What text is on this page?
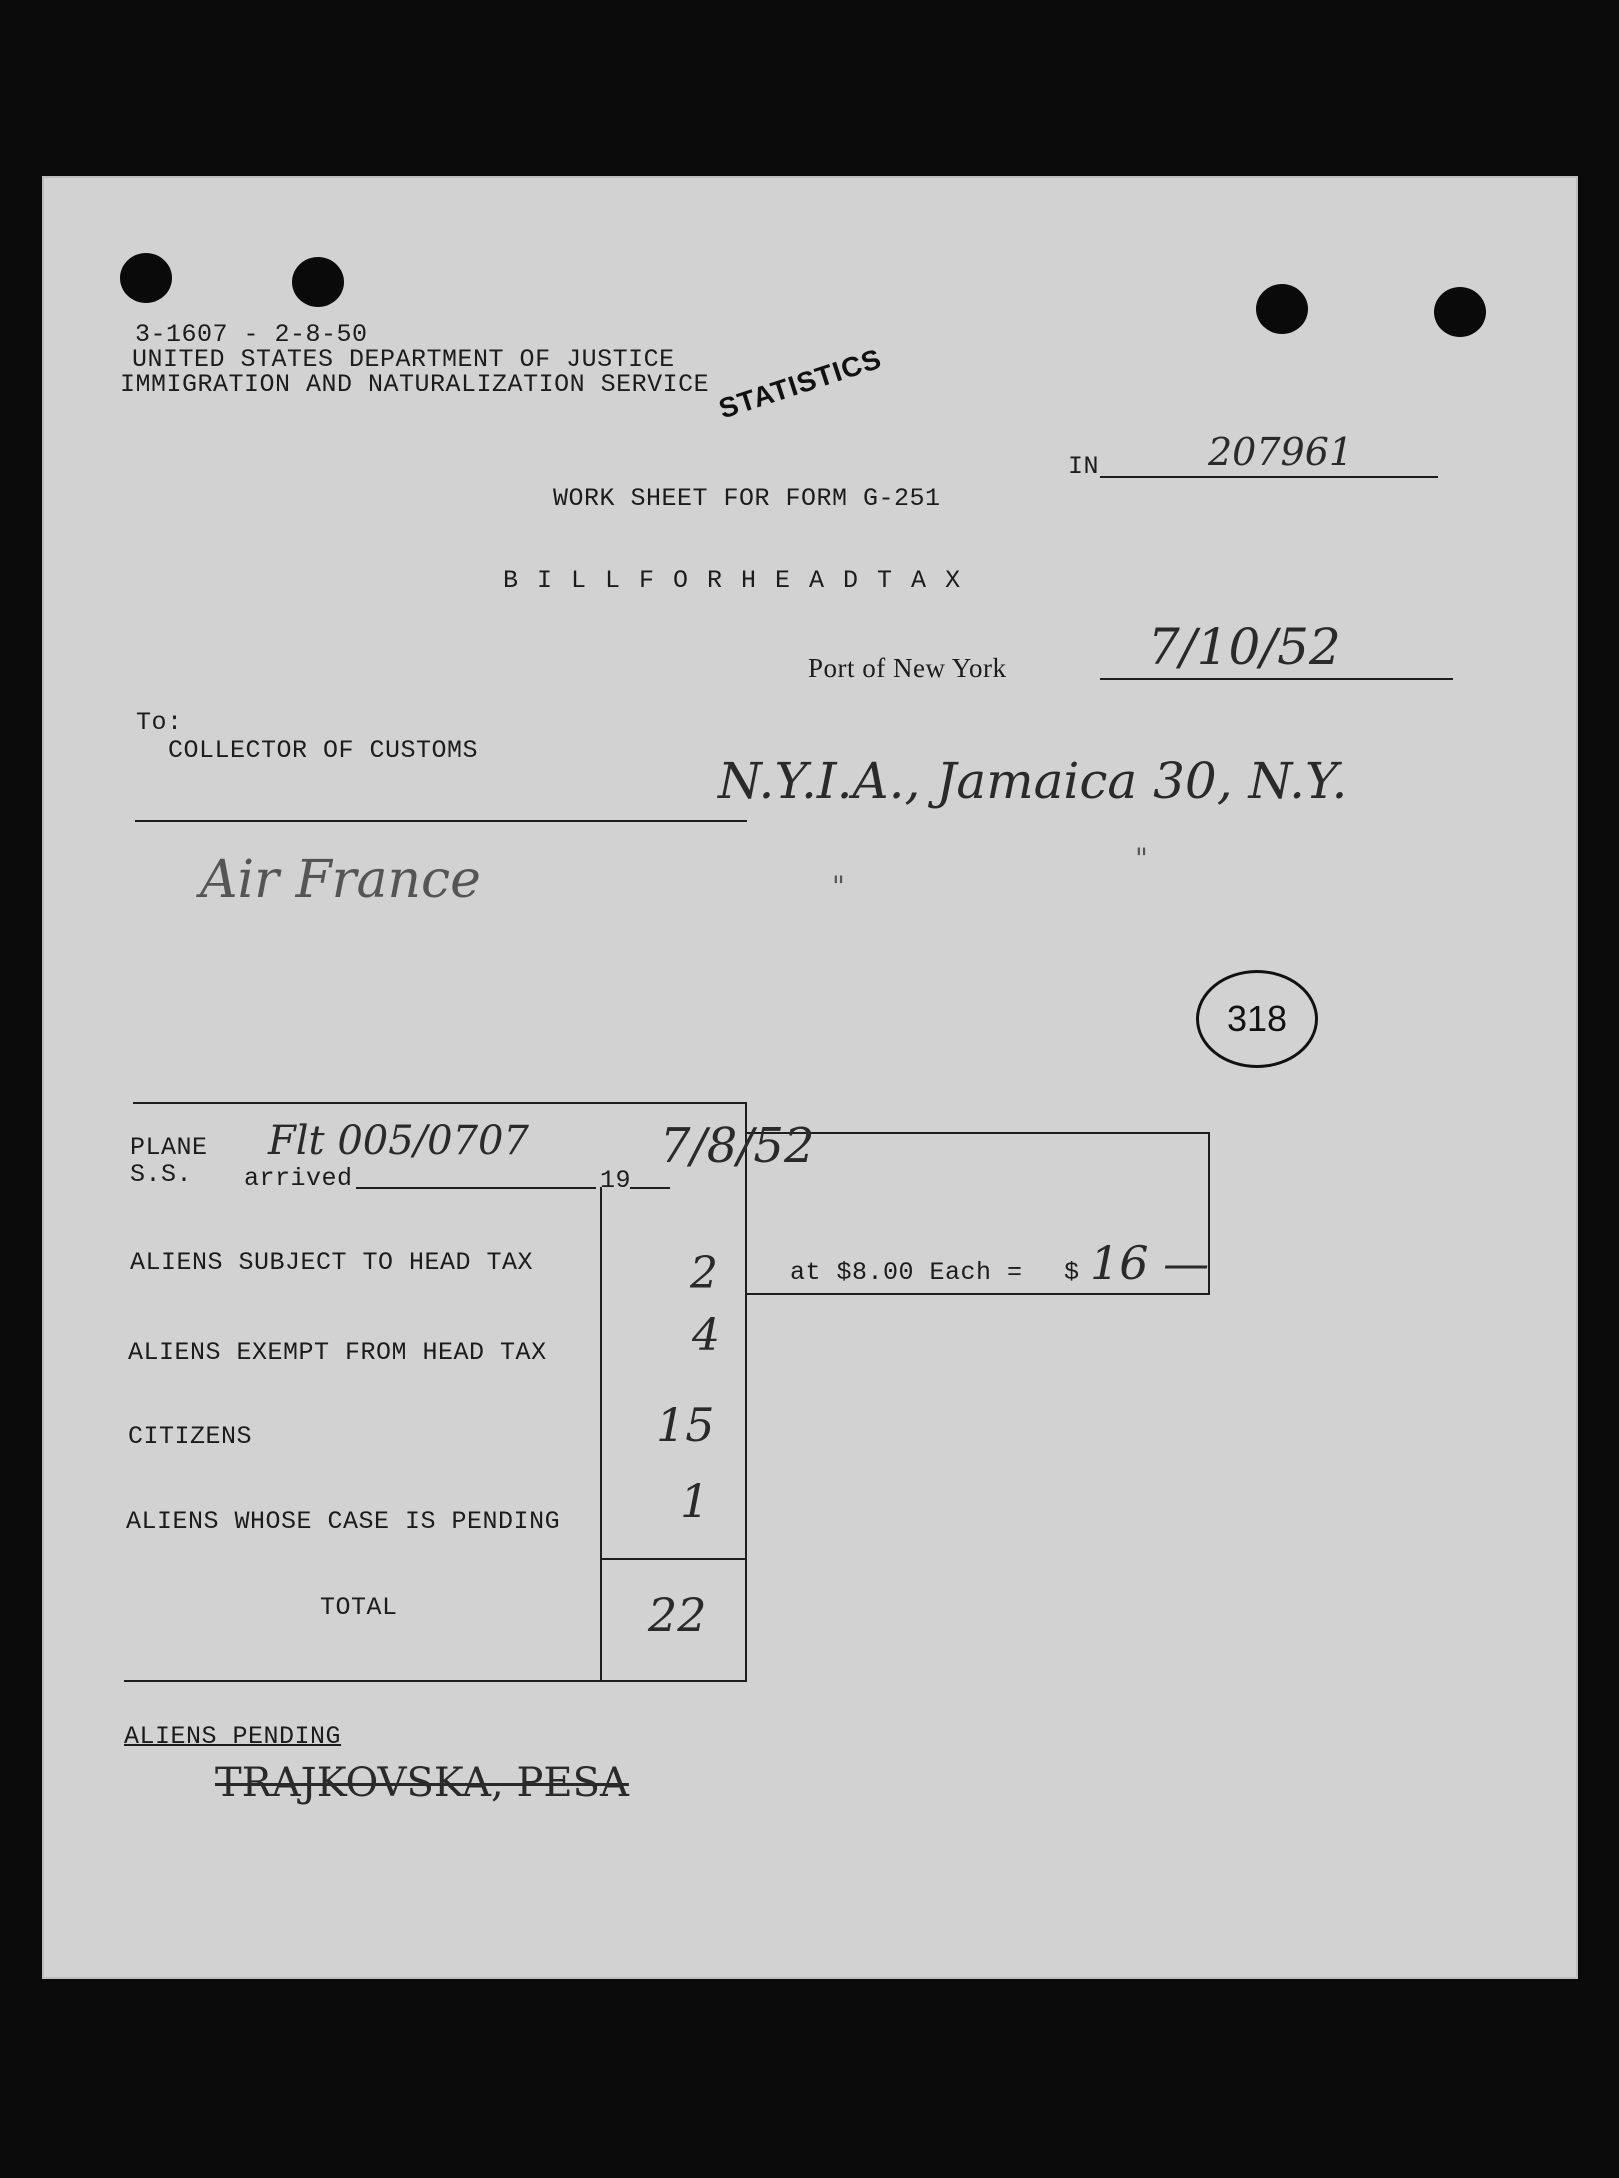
3-1607 - 2-8-50
UNITED STATES DEPARTMENT OF JUSTICE
IMMIGRATION AND NATURALIZATION SERVICE STATISTICS
IN	207961
WORK SHEET FOR FORM G-251
B I L L F O R H E A D T A X
Port of New York	7/10/52
To:
COLLECTOR OF CUSTOMS
N.Y.I.A., Jamaica 30, N.Y.
Air France	"
"
318
PLANE
S.S. arrived	19
Flt 005/0707	7/8/52
ALIENS SUBJECT TO HEAD TAX	2
ALIENS EXEMPT FROM HEAD TAX	4
CITIZENS	15
ALIENS WHOSE CASE IS PENDING	1
TOTAL	22
at $8.00 Each = $ 16 —
ALIENS PENDING
TRAJKOVSKA, PESA
